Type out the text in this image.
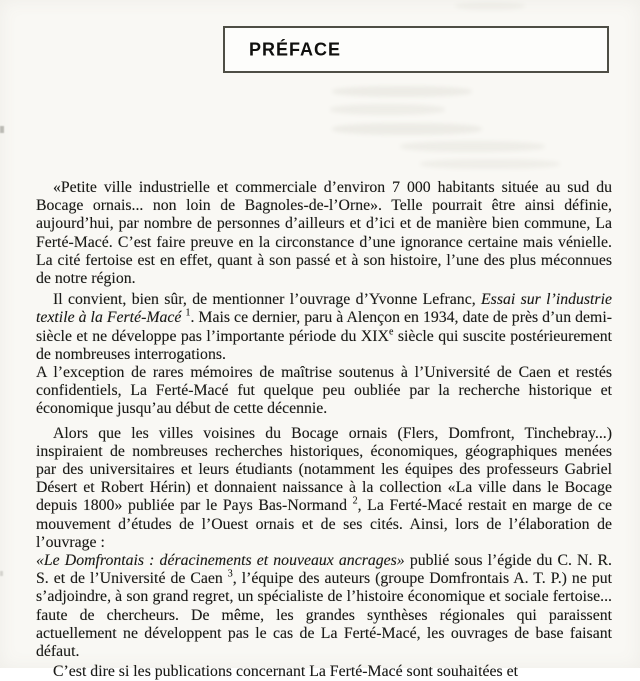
PRÉFACE

«Petite ville industrielle et commerciale d’environ 7 000 habitants située au sud du Bocage ornais... non loin de Bagnoles-de-l’Orne». Telle pourrait être ainsi définie, aujourd’hui, par nombre de personnes d’ailleurs et d’ici et de manière bien commune, La Ferté-Macé. C’est faire preuve en la circonstance d’une ignorance certaine mais vénielle. La cité fertoise est en effet, quant à son passé et à son histoire, l’une des plus méconnues de notre région.

Il convient, bien sûr, de mentionner l’ouvrage d’Yvonne Lefranc, Essai sur l’industrie textile à la Ferté-Macé $^1$. Mais ce dernier, paru à Alençon en 1934, date de près d’un demi-siècle et ne développe pas l’importante période du XIXe siècle qui suscite postérieurement de nombreuses interrogations.
A l’exception de rares mémoires de maîtrise soutenus à l’Université de Caen et restés confidentiels, La Ferté-Macé fut quelque peu oubliée par la recherche historique et économique jusqu’au début de cette décennie.

Alors que les villes voisines du Bocage ornais (Flers, Domfront, Tinchebray...) inspiraient de nombreuses recherches historiques, économiques, géographiques menées par des universitaires et leurs étudiants (notamment les équipes des professeurs Gabriel Désert et Robert Hérin) et donnaient naissance à la collection «La ville dans le Bocage depuis 1800» publiée par le Pays Bas-Normand $^2$, La Ferté-Macé restait en marge de ce mouvement d’études de l’Ouest ornais et de ses cités. Ainsi, lors de l’élaboration de l’ouvrage :
«Le Domfrontais : déracinements et nouveaux ancrages» publié sous l’égide du C. N. R. S. et de l’Université de Caen $^3$, l’équipe des auteurs (groupe Domfrontais A. T. P.) ne put s’adjoindre, à son grand regret, un spécialiste de l’histoire économique et sociale fertoise... faute de chercheurs. De même, les grandes synthèses régionales qui paraissent actuellement ne développent pas le cas de La Ferté-Macé, les ouvrages de base faisant défaut.

C’est dire si les publications concernant La Ferté-Macé sont souhaitées et
